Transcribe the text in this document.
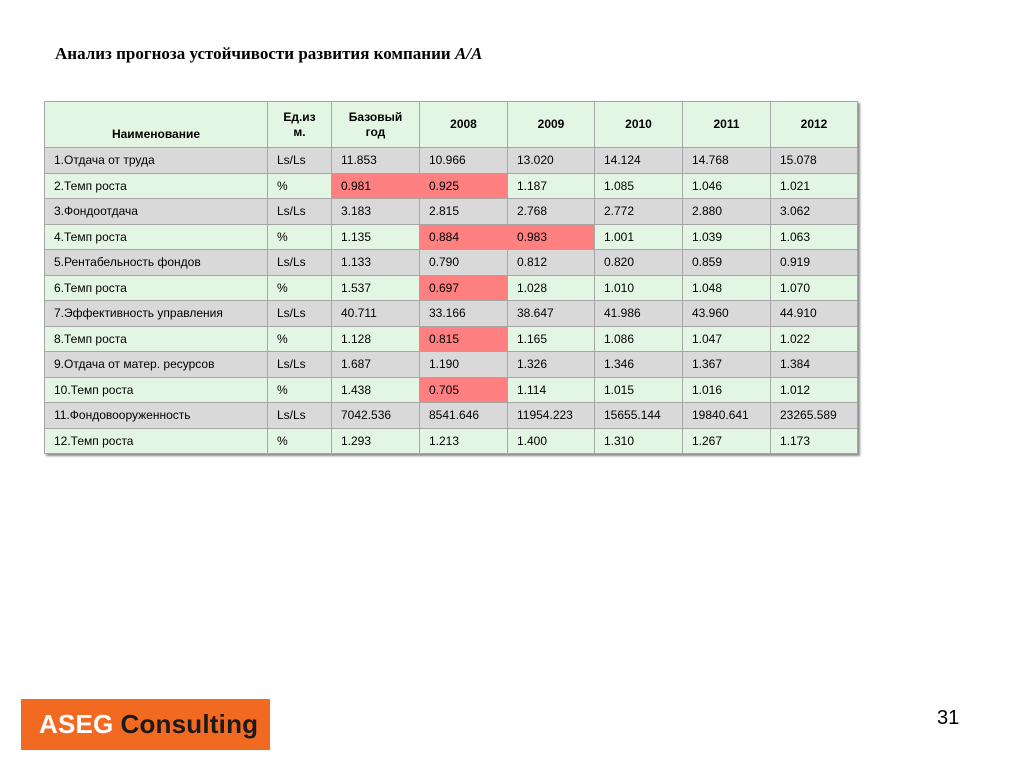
Анализ прогноза устойчивости развития компании A/A
Наименование	Ед.из м.	Базовый год	2008	2009	2010	2011	2012
1.Отдача от труда	Ls/Ls	11.853	10.966	13.020	14.124	14.768	15.078
2.Темп роста	%	0.981	0.925	1.187	1.085	1.046	1.021
3.Фондоотдача	Ls/Ls	3.183	2.815	2.768	2.772	2.880	3.062
4.Темп роста	%	1.135	0.884	0.983	1.001	1.039	1.063
5.Рентабельность фондов	Ls/Ls	1.133	0.790	0.812	0.820	0.859	0.919
6.Темп роста	%	1.537	0.697	1.028	1.010	1.048	1.070
7.Эффективность управления	Ls/Ls	40.711	33.166	38.647	41.986	43.960	44.910
8.Темп роста	%	1.128	0.815	1.165	1.086	1.047	1.022
9.Отдача от матер. ресурсов	Ls/Ls	1.687	1.190	1.326	1.346	1.367	1.384
10.Темп роста	%	1.438	0.705	1.114	1.015	1.016	1.012
11.Фондовооруженность	Ls/Ls	7042.536	8541.646	11954.223	15655.144	19840.641	23265.589
12.Темп роста	%	1.293	1.213	1.400	1.310	1.267	1.173
ASEG Consulting	31
